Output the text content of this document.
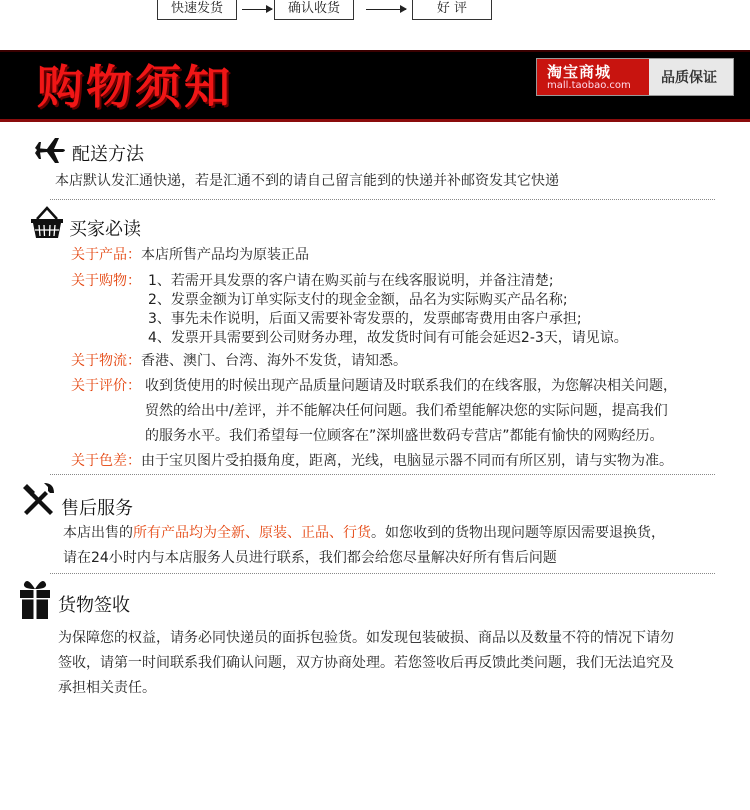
快速发货	确认收货	好 评
购物须知	淘宝商城
mall.taobao.com 品质保证
配送方法
本店默认发汇通快递，若是汇通不到的请自己留言能到的快递并补邮资发其它快递
买家必读
关于产品：本店所售产品均为原装正品
关于购物： 1、若需开具发票的客户请在购买前与在线客服说明，并备注清楚;
2、发票金额为订单实际支付的现金金额，品名为实际购买产品名称;
3、事先未作说明，后面又需要补寄发票的，发票邮寄费用由客户承担;
4、发票开具需要到公司财务办理，故发货时间有可能会延迟2-3天，请见谅。
关于物流：香港、澳门、台湾、海外不发货，请知悉。
关于评价： 收到货使用的时候出现产品质量问题请及时联系我们的在线客服，为您解决相关问题，
贸然的给出中/差评，并不能解决任何问题。我们希望能解决您的实际问题，提高我们
的服务水平。我们希望每一位顾客在”深圳盛世数码专营店”都能有愉快的网购经历。
关于色差：由于宝贝图片受拍摄角度，距离，光线，电脑显示器不同而有所区别，请与实物为准。
售后服务
本店出售的所有产品均为全新、原装、正品、行货。如您收到的货物出现问题等原因需要退换货，
请在24小时内与本店服务人员进行联系，我们都会给您尽量解决好所有售后问题
货物签收
为保障您的权益，请务必同快递员的面拆包验货。如发现包装破损、商品以及数量不符的情况下请勿
签收，请第一时间联系我们确认问题，双方协商处理。若您签收后再反馈此类问题，我们无法追究及
承担相关责任。
